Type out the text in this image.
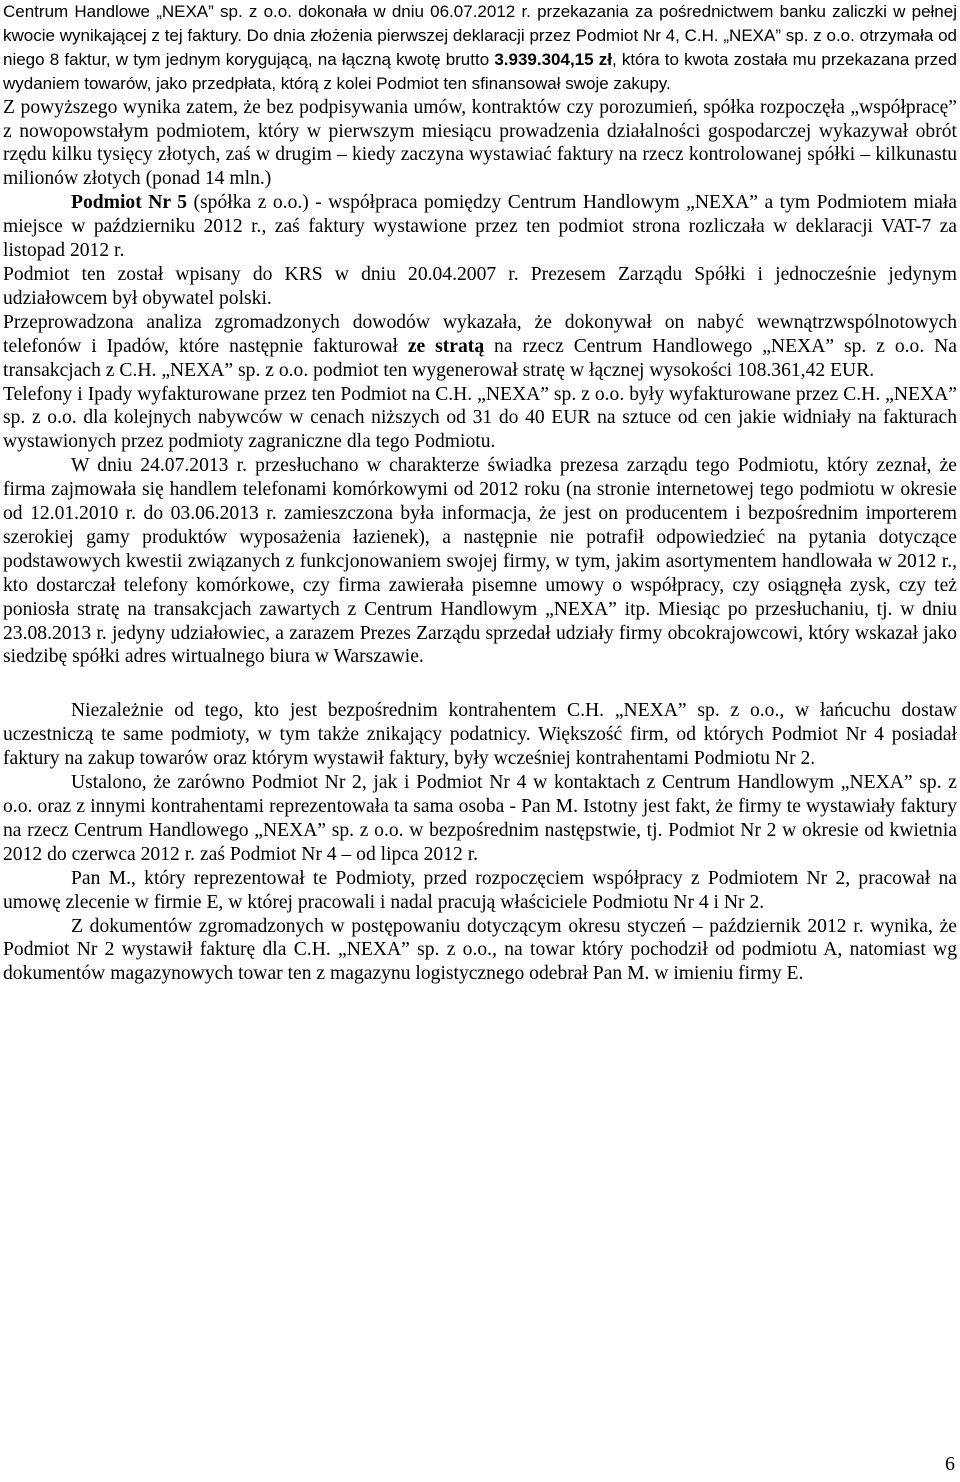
Centrum Handlowe „NEXA” sp. z o.o. dokonała w dniu 06.07.2012 r. przekazania za pośrednictwem banku zaliczki w pełnej kwocie wynikającej z tej faktury. Do dnia złożenia pierwszej deklaracji przez Podmiot Nr 4, C.H. „NEXA” sp. z o.o. otrzymała od niego 8 faktur, w tym jednym korygującą, na łączną kwotę brutto 3.939.304,15 zł, która to kwota została mu przekazana przed wydaniem towarów, jako przedpłata, którą z kolei Podmiot ten sfinansował swoje zakupy.

Z powyższego wynika zatem, że bez podpisywania umów, kontraktów czy porozumień, spółka rozpoczęła „współpracę” z nowopowstałym podmiotem, który w pierwszym miesiącu prowadzenia działalności gospodarczej wykazywał obrót rzędu kilku tysięcy złotych, zaś w drugim – kiedy zaczyna wystawiać faktury na rzecz kontrolowanej spółki – kilkunastu milionów złotych (ponad 14 mln.)

Podmiot Nr 5 (spółka z o.o.) - współpraca pomiędzy Centrum Handlowym „NEXA” a tym Podmiotem miała miejsce w październiku 2012 r., zaś faktury wystawione przez ten podmiot strona rozliczała w deklaracji VAT-7 za listopad 2012 r.

Podmiot ten został wpisany do KRS w dniu 20.04.2007 r. Prezesem Zarządu Spółki i jednocześnie jedynym udziałowcem był obywatel polski.

Przeprowadzona analiza zgromadzonych dowodów wykazała, że dokonywał on nabyć wewnątrzwspólnotowych telefonów i Ipadów, które następnie fakturował ze stratą na rzecz Centrum Handlowego „NEXA” sp. z o.o. Na transakcjach z C.H. „NEXA” sp. z o.o. podmiot ten wygenerował stratę w łącznej wysokości 108.361,42 EUR.

Telefony i Ipady wyfakturowane przez ten Podmiot na C.H. „NEXA” sp. z o.o. były wyfakturowane przez C.H. „NEXA” sp. z o.o. dla kolejnych nabywców w cenach niższych od 31 do 40 EUR na sztuce od cen jakie widniały na fakturach wystawionych przez podmioty zagraniczne dla tego Podmiotu.

W dniu 24.07.2013 r. przesłuchano w charakterze świadka prezesa zarządu tego Podmiotu, który zeznał, że firma zajmowała się handlem telefonami komórkowymi od 2012 roku (na stronie internetowej tego podmiotu w okresie od 12.01.2010 r. do 03.06.2013 r. zamieszczona była informacja, że jest on producentem i bezpośrednim importerem szerokiej gamy produktów wyposażenia łazienek), a następnie nie potrafił odpowiedzieć na pytania dotyczące podstawowych kwestii związanych z funkcjonowaniem swojej firmy, w tym, jakim asortymentem handlowała w 2012 r., kto dostarczał telefony komórkowe, czy firma zawierała pisemne umowy o współpracy, czy osiągnęła zysk, czy też poniosła stratę na transakcjach zawartych z Centrum Handlowym „NEXA” itp. Miesiąc po przesłuchaniu, tj. w dniu 23.08.2013 r. jedyny udziałowiec, a zarazem Prezes Zarządu sprzedał udziały firmy obcokrajowcowi, który wskazał jako siedzibę spółki adres wirtualnego biura w Warszawie.

Niezależnie od tego, kto jest bezpośrednim kontrahentem C.H. „NEXA” sp. z o.o., w łańcuchu dostaw uczestniczą te same podmioty, w tym także znikający podatnicy. Większość firm, od których Podmiot Nr 4 posiadał faktury na zakup towarów oraz którym wystawił faktury, były wcześniej kontrahentami Podmiotu Nr 2.

Ustalono, że zarówno Podmiot Nr 2, jak i Podmiot Nr 4 w kontaktach z Centrum Handlowym „NEXA” sp. z o.o. oraz z innymi kontrahentami reprezentowała ta sama osoba - Pan M. Istotny jest fakt, że firmy te wystawiały faktury na rzecz Centrum Handlowego „NEXA” sp. z o.o. w bezpośrednim następstwie, tj. Podmiot Nr 2 w okresie od kwietnia 2012 do czerwca 2012 r. zaś Podmiot Nr 4 – od lipca 2012 r.

Pan M., który reprezentował te Podmioty, przed rozpoczęciem współpracy z Podmiotem Nr 2, pracował na umowę zlecenie w firmie E, w której pracowali i nadal pracują właściciele Podmiotu Nr 4 i Nr 2.

Z dokumentów zgromadzonych w postępowaniu dotyczącym okresu styczeń – październik 2012 r. wynika, że Podmiot Nr 2 wystawił fakturę dla C.H. „NEXA” sp. z o.o., na towar który pochodził od podmiotu A, natomiast wg dokumentów magazynowych towar ten z magazynu logistycznego odebrał Pan M. w imieniu firmy E.

6
